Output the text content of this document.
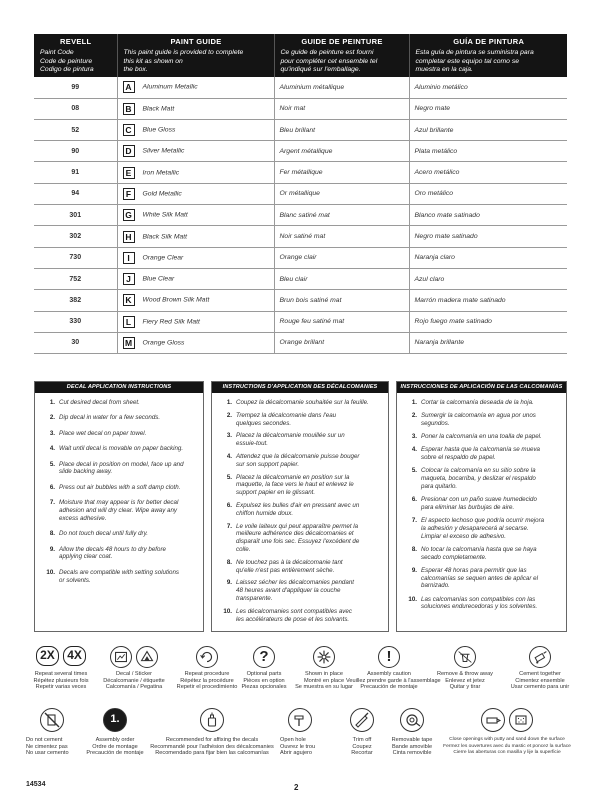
REVELL
Paint Code
Code de peinture
Codigo de pintura	PAINT GUIDE
This paint guide is provided to complete
this kit as shown on
the box.	GUIDE DE PEINTURE
Ce guide de peinture est fourni
pour compléter cet ensemble tel
qu'indiqué sur l'emballage.	GUÍA DE PINTURA
Esta guía de pintura se suministra para
completar este equipo tal como se
muestra en la caja.

99	A Aluminum Metallic	Aluminium métallique	Aluminio metálico
08	B Black Matt	Noir mat	Negro mate
52	C Blue Gloss	Bleu brillant	Azul brillante
90	D Silver Metallic	Argent métallique	Plata metálico
91	E Iron Metallic	Fer métallique	Acero metálico
94	F Gold Metallic	Or métallique	Oro metálico
301	G White Silk Matt	Blanc satiné mat	Blanco mate satinado
302	H Black Silk Matt	Noir satiné mat	Negro mate satinado
730	I Orange Clear	Orange clair	Naranja claro
752	J Blue Clear	Bleu clair	Azul claro
382	K Wood Brown Silk Matt	Brun bois satiné mat	Marrón madera mate satinado
330	L Fiery Red Silk Matt	Rouge feu satiné mat	Rojo fuego mate satinado
30	M Orange Gloss	Orange brillant	Naranja brillante
DECAL APPLICATION INSTRUCTIONS
1. Cut desired decal from sheet.
2. Dip decal in water for a few seconds.
3. Place wet decal on paper towel.
4. Wait until decal is movable on paper backing.
5. Place decal in position on model, face up and
slide backing away.
6. Press out air bubbles with a soft damp cloth.
7. Moisture that may appear is for better decal
adhesion and will dry clear. Wipe away any
excess adhesive.
8. Do not touch decal until fully dry.
9. Allow the decals 48 hours to dry before
applying clear coat.
10. Decals are compatible with setting solutions
or solvents.
INSTRUCTIONS D'APPLICATION DES DÉCALCOMANIES
1. Coupez la décalcomanie souhaitée sur la feuille.
2. Trempez la décalcomanie dans l'eau
quelques secondes.
3. Placez la décalcomanie mouillée sur un
essuie-tout.
4. Attendez que la décalcomanie puisse bouger
sur son support papier.
5. Placez la décalcomanie en position sur la
maquette, la face vers le haut et enlevez le
support papier en le glissant.
6. Expulsez les bulles d'air en pressant avec un
chiffon humide doux.
7. Le voile laiteux qui peut apparaître permet la
meilleure adhérence des décalcomanies et
disparaît une fois sec. Essuyez l'excédent de
colle.
8. Ne touchez pas à la décalcomanie tant
qu'elle n'est pas entièrement sèche.
9. Laissez sécher les décalcomanies pendant
48 heures avant d'appliquer la couche
transparente.
10. Les décalcomanies sont compatibles avec
les accélérateurs de pose et les solvants.
INSTRUCCIONES DE APLICACIÓN DE LAS CALCOMANÍAS
1. Cortar la calcomanía deseada de la hoja.
2. Sumergir la calcomanía en agua por unos
segundos.
3. Poner la calcomanía en una toalla de papel.
4. Esperar hasta que la calcomanía se mueva
sobre el respaldo de papel.
5. Colocar la calcomanía en su sitio sobre la
maqueta, bocarriba, y deslizar el respaldo
para quitarlo.
6. Presionar con un paño suave humedecido
para eliminar las burbujas de aire.
7. El aspecto lechoso que podría ocurrir mejora
la adhesión y desaparecerá al secarse.
Limpiar el exceso de adhesivo.
8. No tocar la calcomanía hasta que se haya
secado completamente.
9. Esperar 48 horas para permitir que las
calcomanías se sequen antes de aplicar el
barnizado.
10. Las calcomanías son compatibles con las
soluciones endurecedoras y los solventes.
2X 4X
Repeat several times
Répétez plusieurs fois
Repetir varias veces

Decal / Sticker
Décalcomanie / étiquette
Calcomanía / Pegatina
Repeat procedure
Répétez la procédure
Repetir el procedimiento
?
Optional parts
Pièces en option
Piezas opcionales
Shown in place
Montré en place
Se muestra en su lugar
!
Assembly caution
Veuillez prendre garde à l'assemblage
Precaución de montaje
Remove & throw away
Enlevez et jetez
Quitar y tirar
Cement together
Cimentez ensemble
Usar cemento para unir
Do not cement
Ne cimentez pas
No usar cemento
1.
Assembly order
Ordre de montage
Precaución de montaje
Recommended for affixing the decals
Recommandé pour l'adhésion des décalcomanies
Recomendado para fijar bien las calcomanías
Open hole
Ouvrez le trou
Abrir agujero
Trim off
Coupez
Recortar
Removable tape
Bande amovible
Cinta removible

Close openings with putty and sand down the surface
Fermez les ouvertures avec du mastic et poncez la surface
Cierre las aberturas con masilla y lije la superficie
14534	2
